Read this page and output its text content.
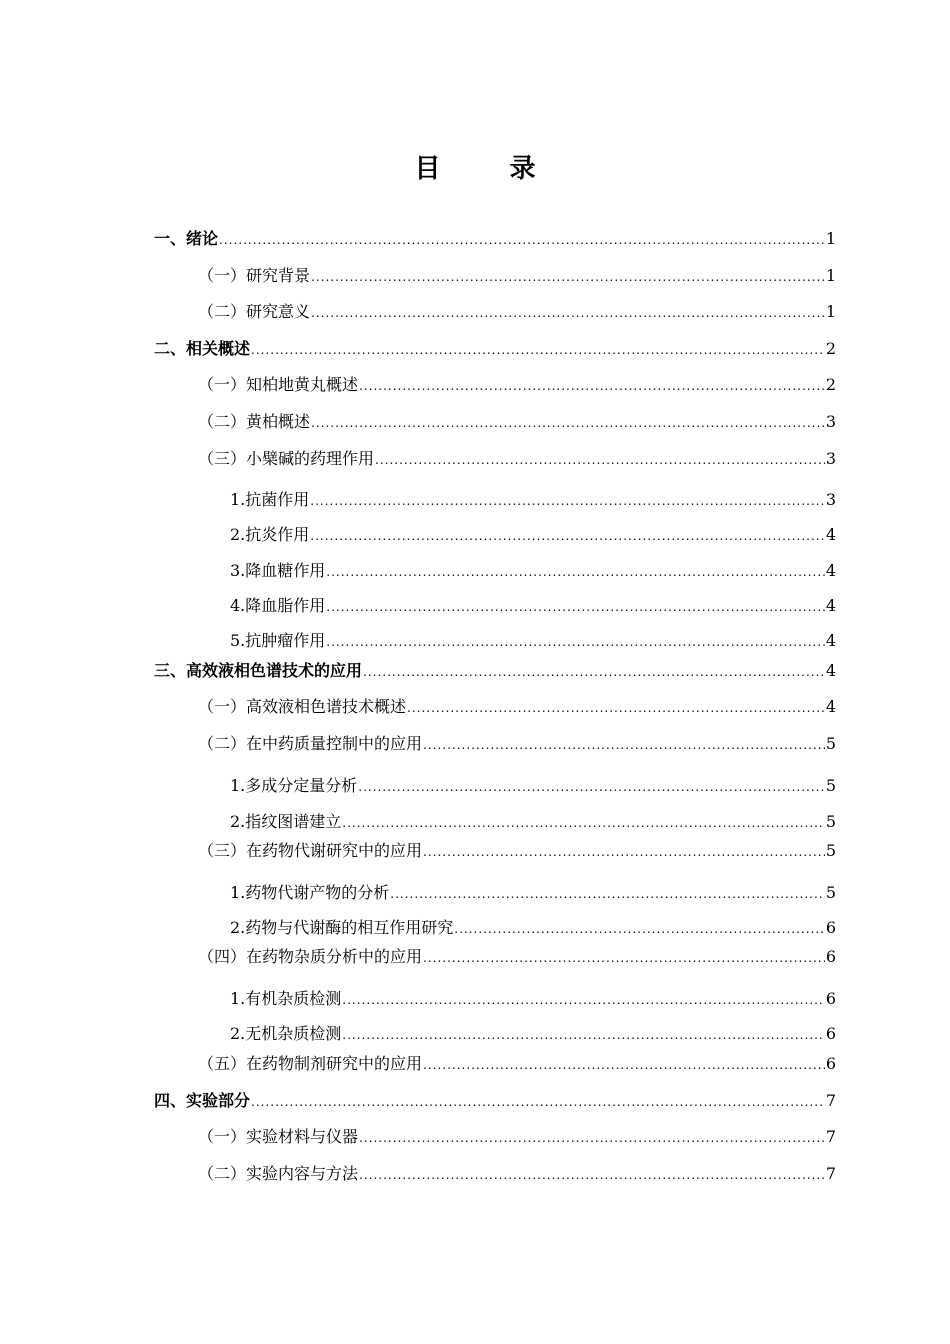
目 录
一、绪论 .....	1
（一）研究背景 .....	1
（二）研究意义 .....	1
二、相关概述 .....	2
（一）知柏地黄丸概述 .....	2
（二）黄柏概述 .....	3
（三）小檗碱的药理作用 .....	3
1.抗菌作用 .....	3
2.抗炎作用 .....	4
3.降血糖作用 .....	4
4.降血脂作用 .....	4
5.抗肿瘤作用 .....	4
三、高效液相色谱技术的应用 .....	4
（一）高效液相色谱技术概述 .....	4
（二）在中药质量控制中的应用 .....	5
1.多成分定量分析 .....	5
2.指纹图谱建立 .....	5
（三）在药物代谢研究中的应用 .....	5
1.药物代谢产物的分析 .....	5
2.药物与代谢酶的相互作用研究 .....	6
（四）在药物杂质分析中的应用 .....	6
1.有机杂质检测 .....	6
2.无机杂质检测 .....	6
（五）在药物制剂研究中的应用 .....	6
四、实验部分 .....	7
（一）实验材料与仪器 .....	7
（二）实验内容与方法 .....	7
